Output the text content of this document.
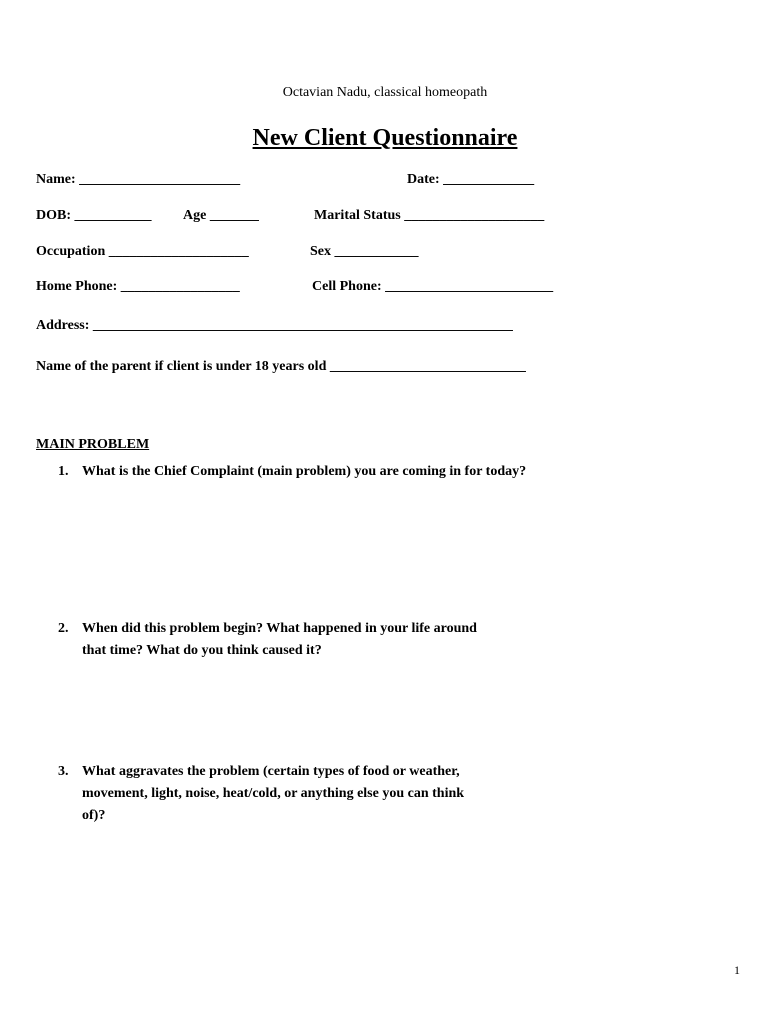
Octavian Nadu, classical homeopath
New Client Questionnaire
Name: _______________________	Date: _____________
DOB: ___________ Age _______	Marital Status ____________________
Occupation ____________________	Sex ____________
Home Phone: _________________	Cell Phone: ________________________
Address: ____________________________________________________________
Name of the parent if client is under 18 years old ____________________________
MAIN PROBLEM
1. What is the Chief Complaint (main problem) you are coming in for today?
2. When did this problem begin? What happened in your life around
that time? What do you think caused it?
3. What aggravates the problem (certain types of food or weather,
movement, light, noise, heat/cold, or anything else you can think
of)?
1
